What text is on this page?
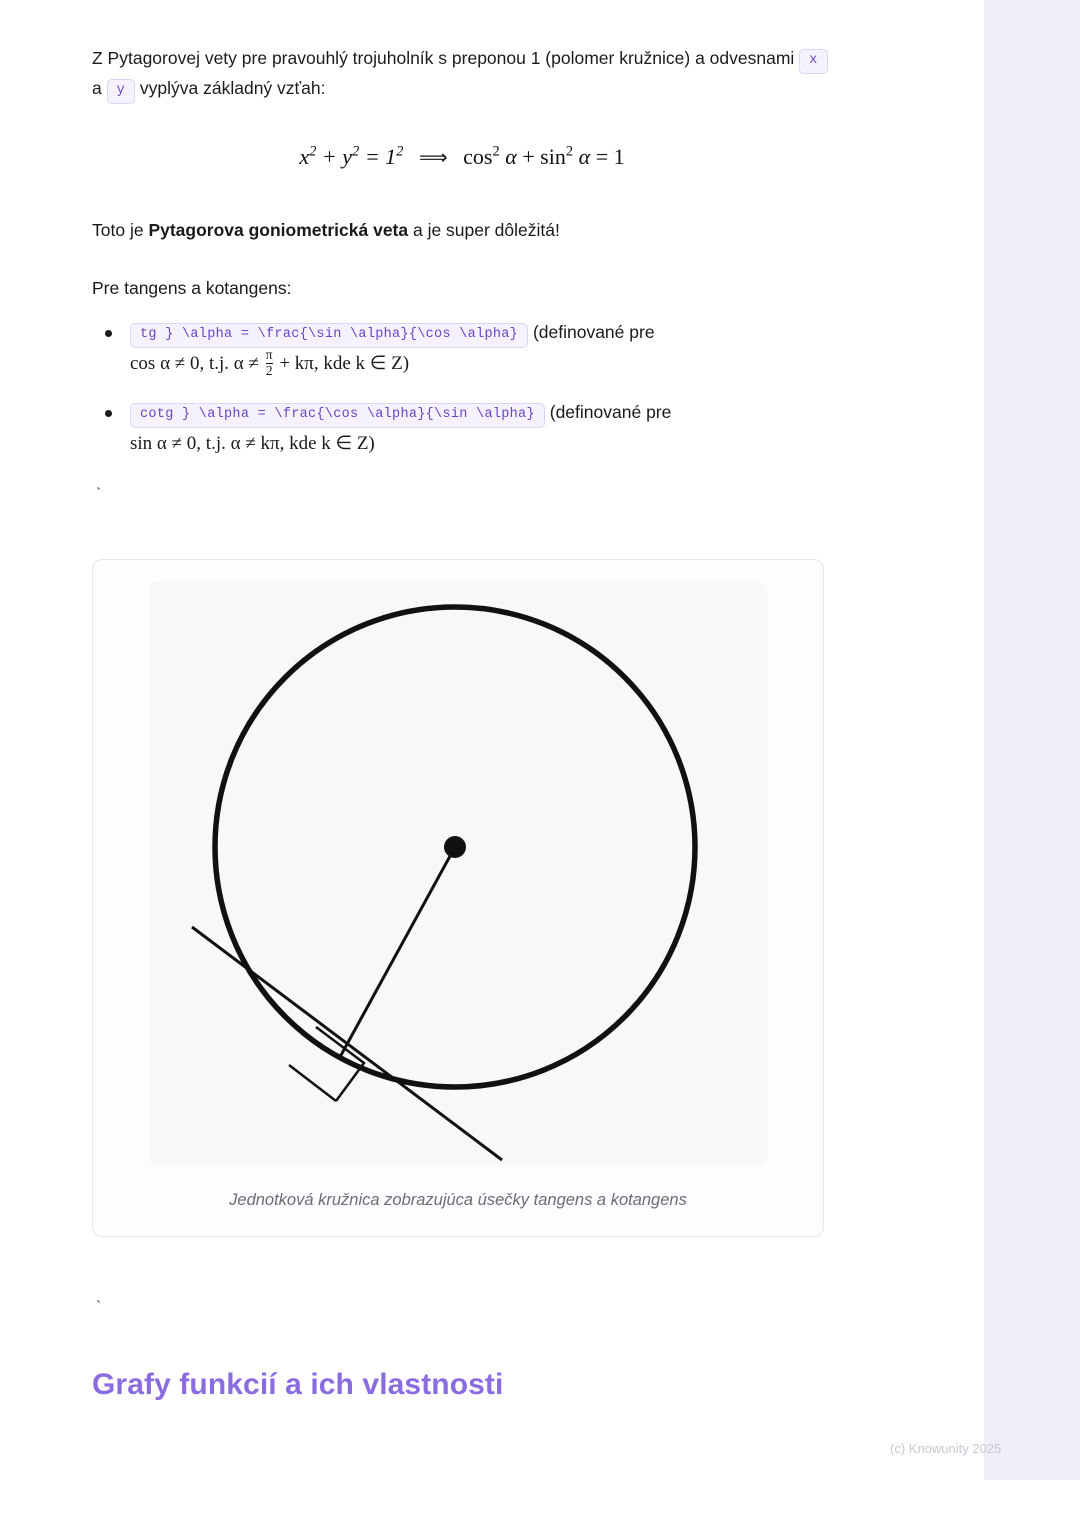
Z Pytagorovej vety pre pravouhlý trojuholník s preponou 1 (polomer kružnice) a odvesnami x a y vyplýva základný vzťah:

$x^2 + y^2 = 1^2$ ⟹ $\cos^2 \alpha + \sin^2 \alpha = 1$

Toto je Pytagorova goniometrická veta a je super dôležitá!

Pre tangens a kotangens:

tg } \alpha = \frac{\sin \alpha}{\cos \alpha} (definované pre
cos α ≠ 0, t.j. $\alpha \ne \frac{\pi}{2} + k\pi$, kde k ∈ Z)
cotg } \alpha = \frac{\cos \alpha}{\sin \alpha} (definované pre
sin α ≠ 0, t.j. α ≠ kπ, kde k ∈ Z)
`
Jednotková kružnica zobrazujúca úsečky tangens a kotangens
`
Grafy funkcií a ich vlastnosti
(c) Knowunity 2025
